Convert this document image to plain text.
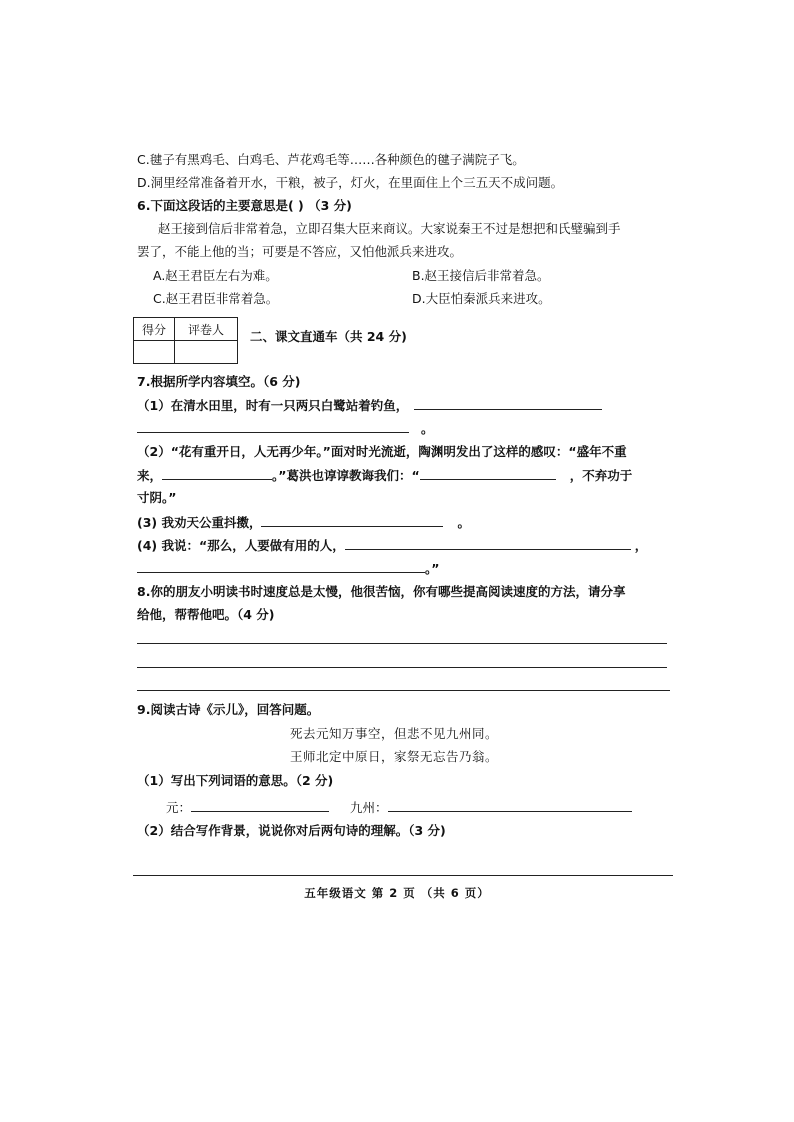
C.毽子有黑鸡毛、白鸡毛、芦花鸡毛等……各种颜色的毽子满院子飞。
D.洞里经常准备着开水，干粮，被子，灯火，在里面住上个三五天不成问题。
6.下面这段话的主要意思是( ) （3 分)
赵王接到信后非常着急，立即召集大臣来商议。大家说秦王不过是想把和氏璧骗到手
罢了，不能上他的当；可要是不答应，又怕他派兵来进攻。
A.赵王君臣左右为难。	B.赵王接信后非常着急。
C.赵王君臣非常着急。	D.大臣怕秦派兵来进攻。
得分	评卷人
	二、课文直通车（共 24 分)
7.根据所学内容填空。（6 分)
（1）在清水田里，时有一只两只白鹭站着钓鱼，
。
（2）“花有重开日，人无再少年。”面对时光流逝，陶渊明发出了这样的感叹：“盛年不重
来，	。”葛洪也谆谆教诲我们：“	，不弃功于
寸阴。”
(3) 我劝天公重抖擞，	。
(4) 我说：“那么，人要做有用的人，	，
。”
8.你的朋友小明读书时速度总是太慢，他很苦恼，你有哪些提高阅读速度的方法，请分享
给他，帮帮他吧。（4 分)
9.阅读古诗《示儿》，回答问题。
死去元知万事空，但悲不见九州同。
王师北定中原日，家祭无忘告乃翁。
（1）写出下列词语的意思。（2 分)
元：	九州：
（2）结合写作背景，说说你对后两句诗的理解。（3 分)
五年级语文 第 2 页 （共 6 页）
